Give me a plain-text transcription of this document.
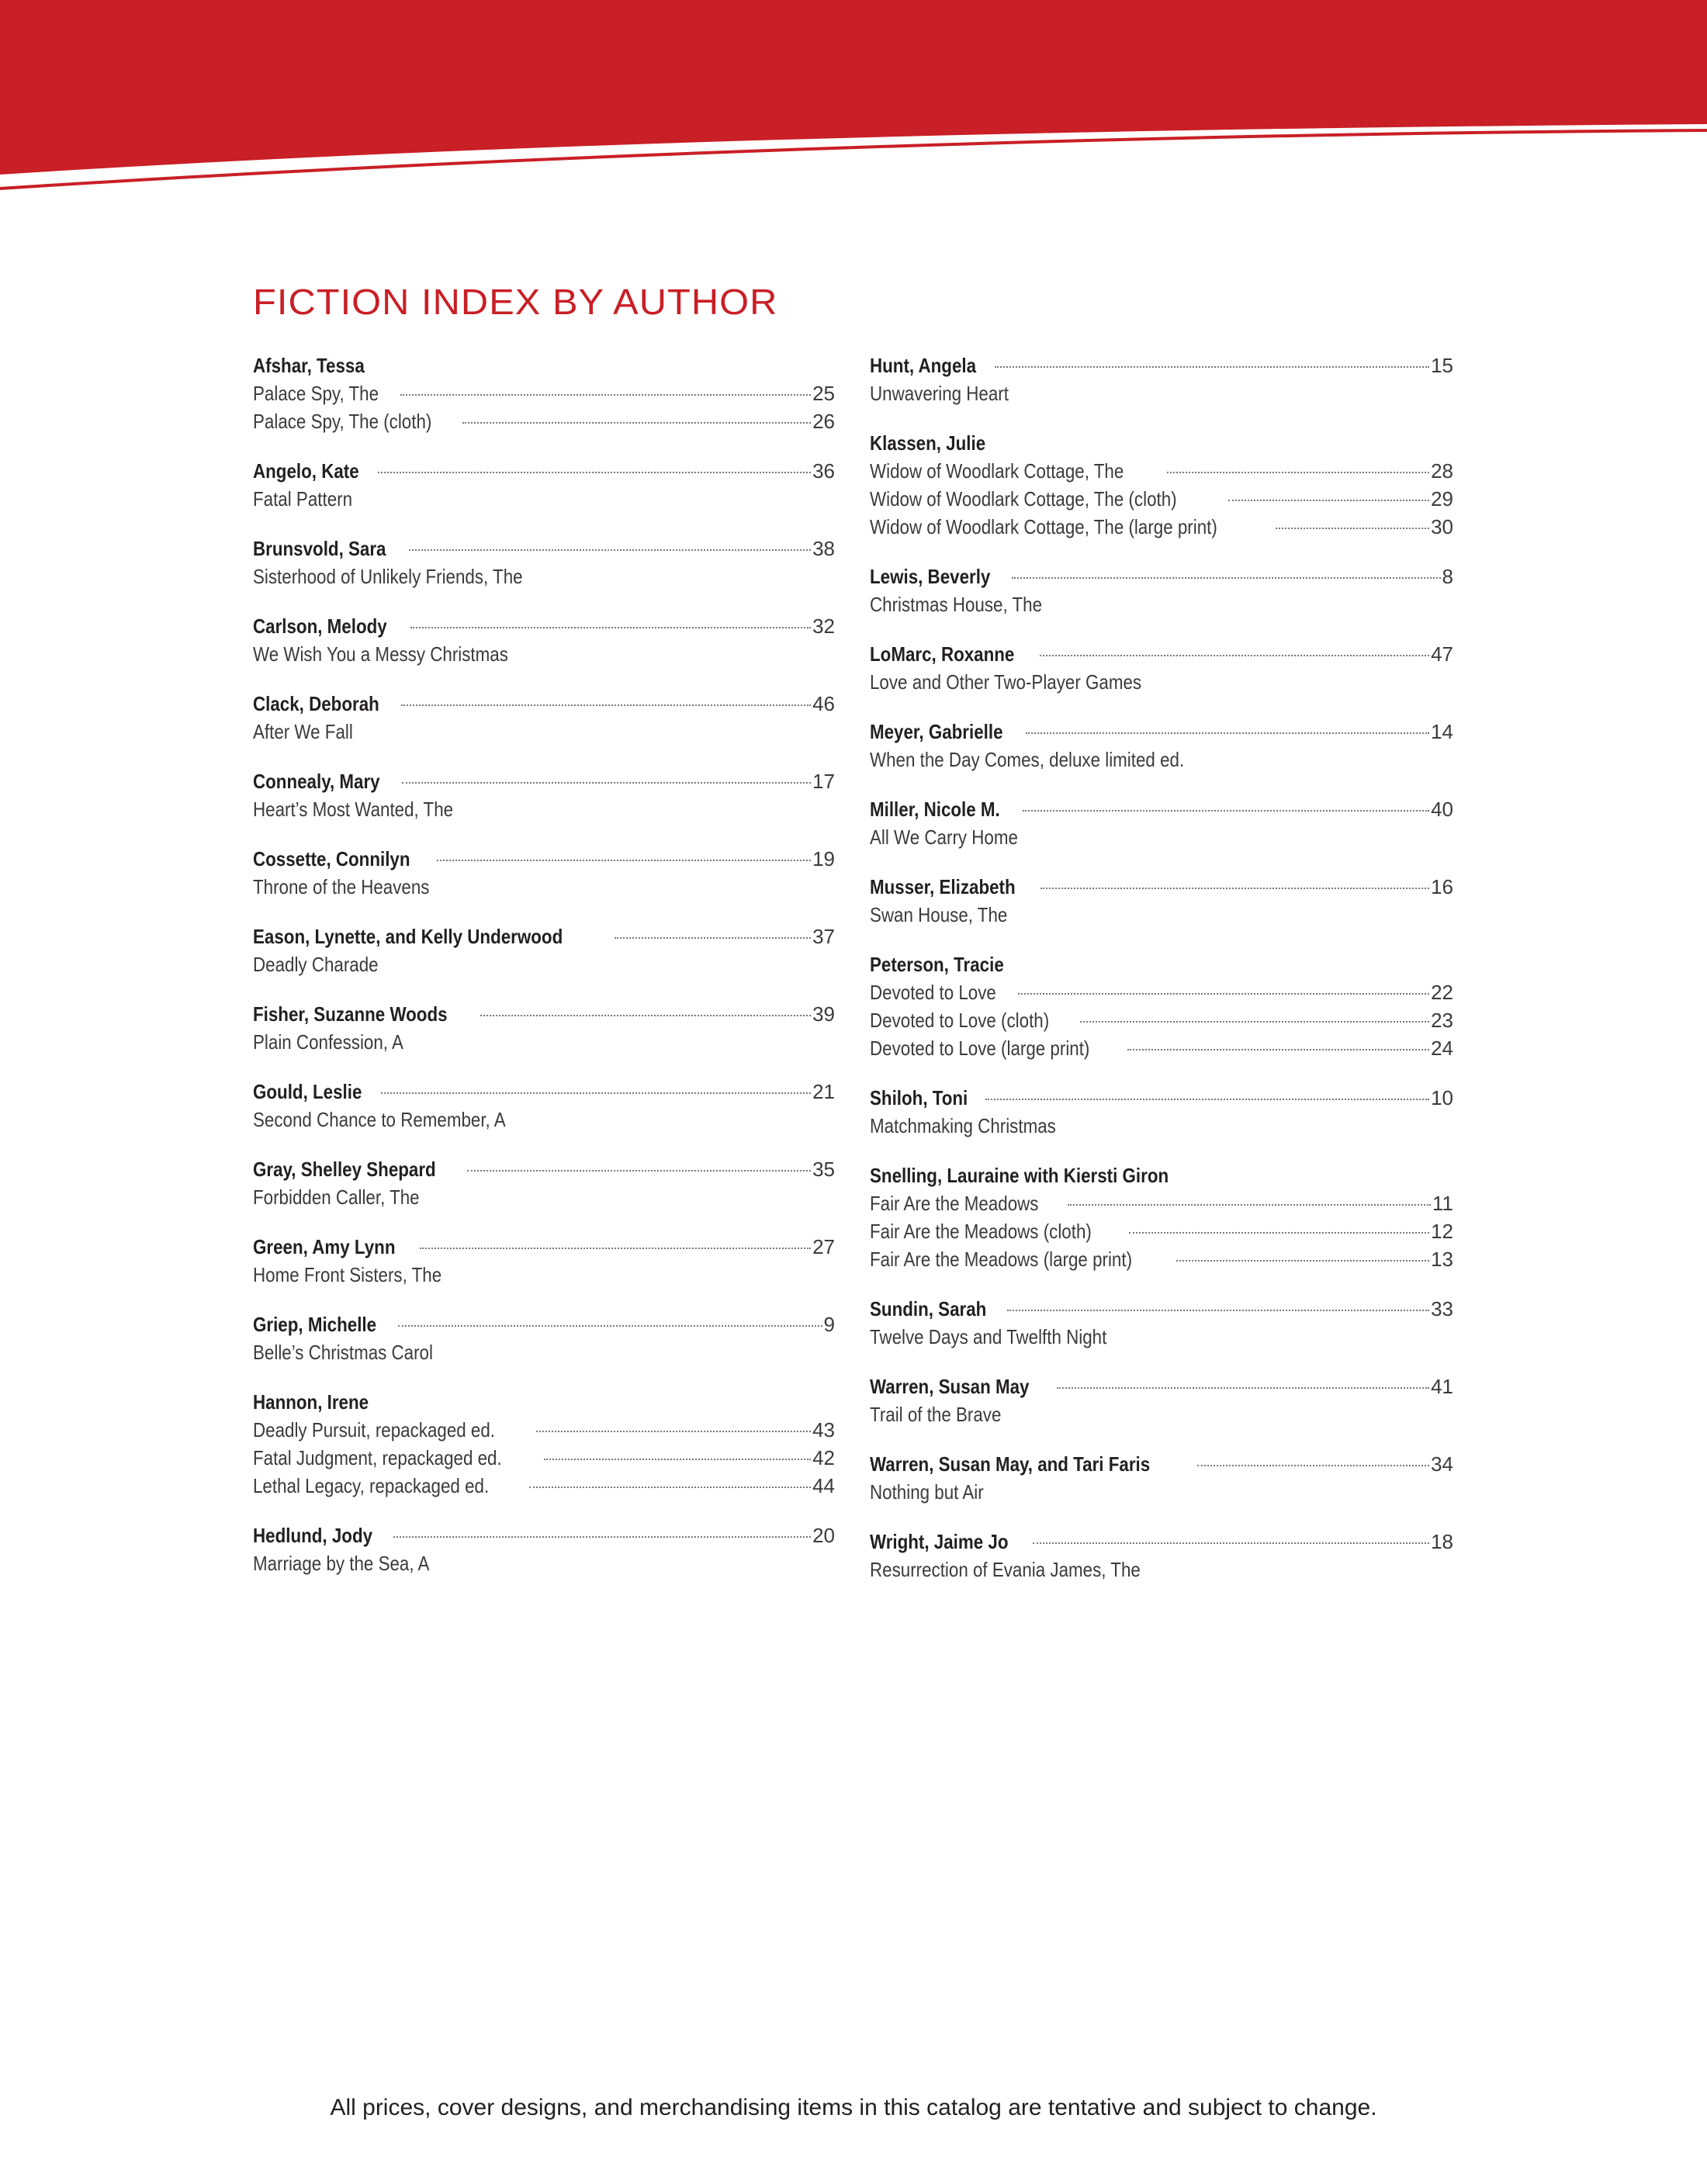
FICTION INDEX BY AUTHOR
Afshar, Tessa
Palace Spy, The	25
Palace Spy, The (cloth)	26
Angelo, Kate	36
Fatal Pattern
Brunsvold, Sara	38
Sisterhood of Unlikely Friends, The
Carlson, Melody	32
We Wish You a Messy Christmas
Clack, Deborah	46
After We Fall
Connealy, Mary	17
Heart’s Most Wanted, The
Cossette, Connilyn	19
Throne of the Heavens
Eason, Lynette, and Kelly Underwood	37
Deadly Charade
Fisher, Suzanne Woods	39
Plain Confession, A
Gould, Leslie	21
Second Chance to Remember, A
Gray, Shelley Shepard	35
Forbidden Caller, The
Green, Amy Lynn	27
Home Front Sisters, The
Griep, Michelle	9
Belle’s Christmas Carol
Hannon, Irene
Deadly Pursuit, repackaged ed.	43
Fatal Judgment, repackaged ed.	42
Lethal Legacy, repackaged ed.	44
Hedlund, Jody	20
Marriage by the Sea, A
Hunt, Angela	15
Unwavering Heart
Klassen, Julie
Widow of Woodlark Cottage, The	28
Widow of Woodlark Cottage, The (cloth)	29
Widow of Woodlark Cottage, The (large print)	30
Lewis, Beverly	8
Christmas House, The
LoMarc, Roxanne	47
Love and Other Two-Player Games
Meyer, Gabrielle	14
When the Day Comes, deluxe limited ed.
Miller, Nicole M.	40
All We Carry Home
Musser, Elizabeth	16
Swan House, The
Peterson, Tracie
Devoted to Love	22
Devoted to Love (cloth)	23
Devoted to Love (large print)	24
Shiloh, Toni	10
Matchmaking Christmas
Snelling, Lauraine with Kiersti Giron
Fair Are the Meadows	11
Fair Are the Meadows (cloth)	12
Fair Are the Meadows (large print)	13
Sundin, Sarah	33
Twelve Days and Twelfth Night
Warren, Susan May	41
Trail of the Brave
Warren, Susan May, and Tari Faris	34
Nothing but Air
Wright, Jaime Jo	18
Resurrection of Evania James, The
All prices, cover designs, and merchandising items in this catalog are tentative and subject to change.
